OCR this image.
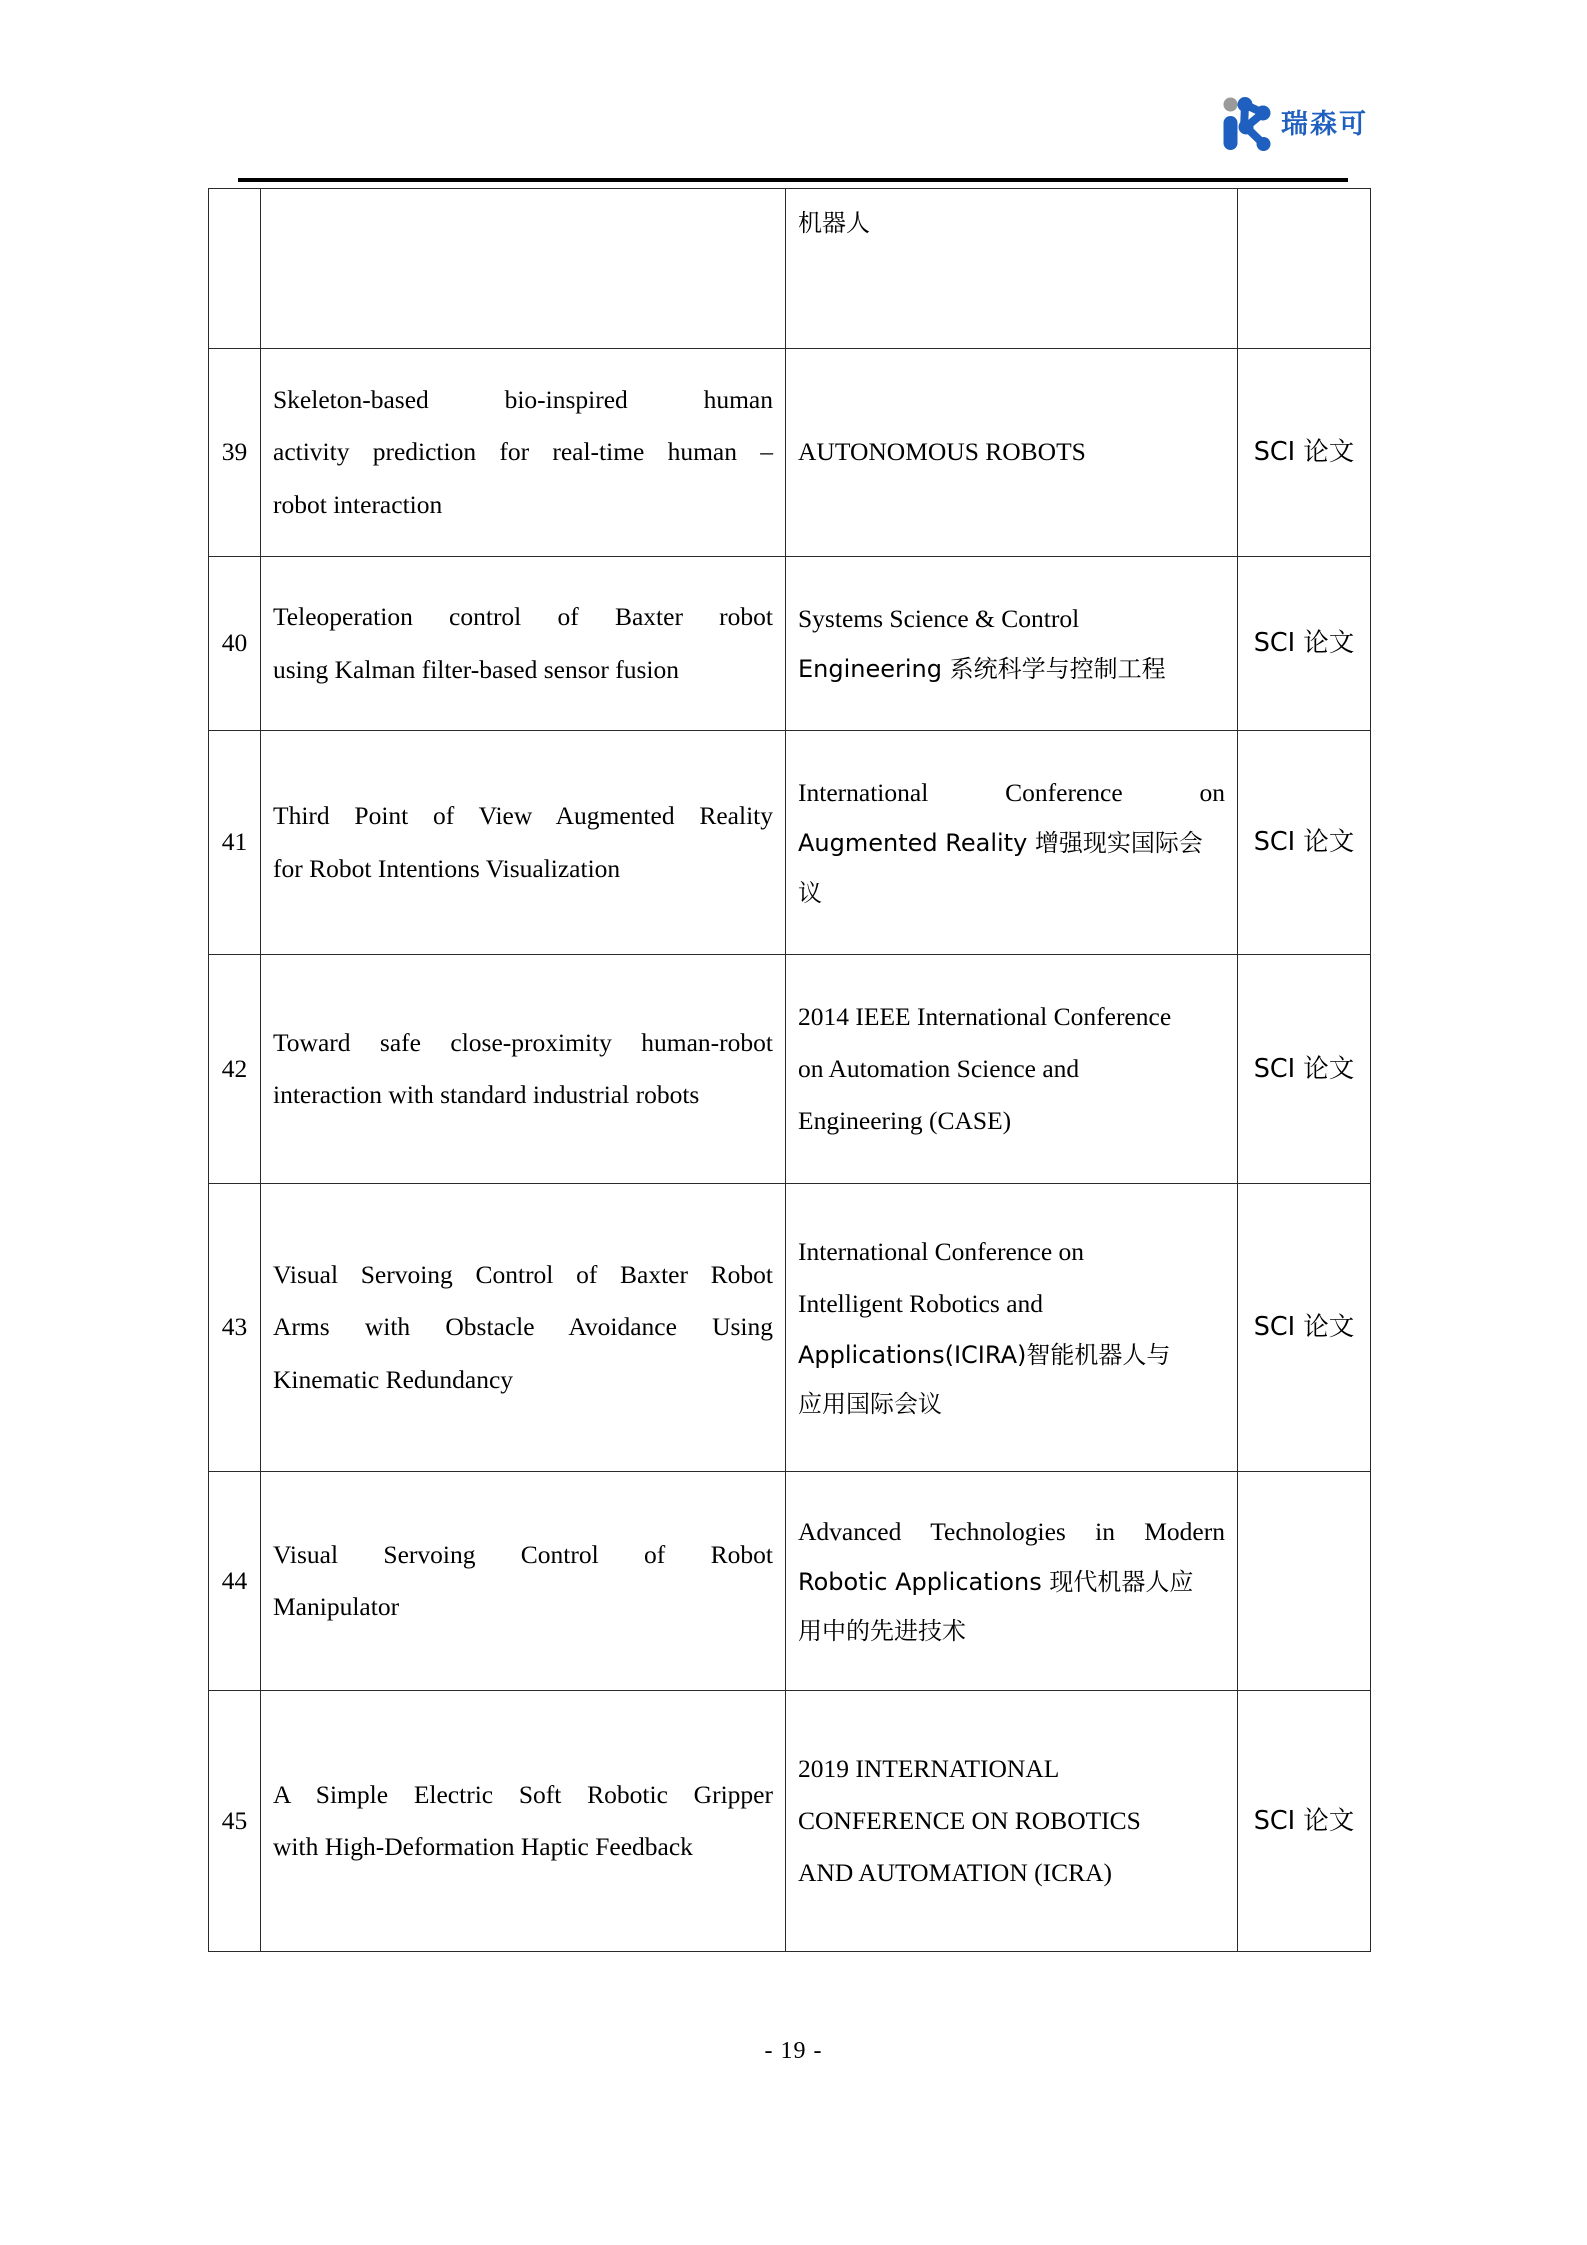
瑞森可

		机器人	

39	Skeleton-based bio-inspired human
activity prediction for real-time human –
robot interaction	AUTONOMOUS ROBOTS	SCI 论文
40	Teleoperation control of Baxter robot
using Kalman filter-based sensor fusion	Systems Science & Control
Engineering 系统科学与控制工程	SCI 论文
41	Third Point of View Augmented Reality
for Robot Intentions Visualization	International Conference on
Augmented Reality 增强现实国际会
议	SCI 论文
42	Toward safe close-proximity human-robot
interaction with standard industrial robots	2014 IEEE International Conference
on Automation Science and
Engineering (CASE)	SCI 论文
43	Visual Servoing Control of Baxter Robot
Arms with Obstacle Avoidance Using
Kinematic Redundancy	International Conference on
Intelligent Robotics and
Applications(ICIRA)智能机器人与
应用国际会议	SCI 论文
44	Visual Servoing Control of Robot
Manipulator	Advanced Technologies in Modern
Robotic Applications 现代机器人应
用中的先进技术	

45	A Simple Electric Soft Robotic Gripper
with High-Deformation Haptic Feedback	2019 INTERNATIONAL
CONFERENCE ON ROBOTICS
AND AUTOMATION (ICRA)	SCI 论文
- 19 -
